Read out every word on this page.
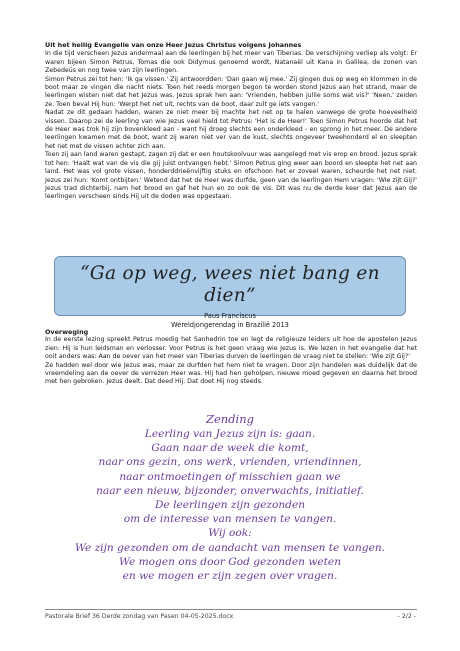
Uit het heilig Evangelie van onze Heer Jezus Christus volgens Johannes

In die tijd verscheen Jezus andermaal aan de leerlingen bij het meer van Tiberias. De verschijning verliep als volgt: Er waren bijeen Simon Petrus, Tomas die ook Didymus genoemd wordt, Natanaël uit Kana in Galilea, de zonen van Zebedeüs en nog twee van zijn leerlingen.

Simon Petrus zei tot hen: 'Ik ga vissen.' Zij antwoordden: 'Dan gaan wij mee.' Zij gingen dus op weg en klommen in de boot maar ze vingen die nacht niets. Toen het reeds morgen begon te worden stond Jezus aan het strand, maar de leerlingen wisten niet dat het Jezus was. Jezus sprak hen aan: 'Vrienden, hebben jullie soms wat vis?' 'Neen,' zeiden ze. Toen beval Hij hun: 'Werpt het net uit, rechts van de boot, daar zult ge iets vangen.'

Nadat ze dit gedaan hadden, waren ze niet meer bij machte het net op te halen vanwege de grote hoeveelheid vissen. Daarop zei de leerling van wie Jezus veel hield tot Petrus: 'Het is de Heer!' Toen Simon Petrus hoorde dat het de Heer was trok hij zijn bovenkleed aan - want hij droeg slechts een onderkleed - en sprong in het meer. De andere leerlingen kwamen met de boot, want zij waren niet ver van de kust, slechts ongeveer tweehonderd el en sleepten het net met de vissen achter zich aan.

Toen zij aan land waren gestapt, zagen zij dat er een houtskoolvuur was aangelegd met vis erop en brood. Jezus sprak tot hen: 'Haalt wat van de vis die gij juist ontvangen hebt.' Simon Petrus ging weer aan boord en sleepte het net aan land. Het was vol grote vissen, honderddrieënvijftig stuks en ofschoon het er zoveel waren, scheurde het net niet. Jezus zei hun: 'Komt ontbijten.' Wetend dat het de Heer was durfde, geen van de leerlingen Hem vragen: 'Wie zijt Gij?' Jezus trad dichterbij, nam het brood en gaf het hun en zo ook de vis. Dit was nu de derde keer dat Jezus aan de leerlingen verscheen sinds Hij uit de doden was opgestaan.

“Ga op weg, wees niet bang en dien”
Paus Franciscus
Wereldjongerendag in Brazilië 2013
Overweging

In de eerste lezing spreekt Petrus moedig het Sanhedrin toe en legt de religieuze leiders uit hoe de apostelen Jezus zien: Hij is hun leidsman en verlosser. Voor Petrus is het geen vraag wie Jezus is. We lezen in het evangelie dat het ooit anders was: Aan de oever van het meer van Tiberias durven de leerlingen de vraag niet te stellen: 'Wie zijt Gij?'

Ze hadden wel door wie Jezus was, maar ze durfden het hem niet te vragen. Door zijn handelen was duidelijk dat de vreemdeling aan de oever de verrezen Heer was. Hij had hen geholpen, nieuwe moed gegeven en daarna het brood met hen gebroken. Jezus deelt. Dat deed Hij. Dat doet Hij nog steeds.

Zending
Leerling van Jezus zijn is: gaan.
Gaan naar de week die komt,
naar ons gezin, ons werk, vrienden, vriendinnen,
naar ontmoetingen of misschien gaan we
naar een nieuw, bijzonder, onverwachts, initiatief.
De leerlingen zijn gezonden
om de interesse van mensen te vangen.
Wij ook:
We zijn gezonden om de aandacht van mensen te vangen.
We mogen ons door God gezonden weten
en we mogen er zijn zegen over vragen.
Pastorale Brief 36 Derde zondag van Pasen 04-05-2025.docx	- 2/2 -
